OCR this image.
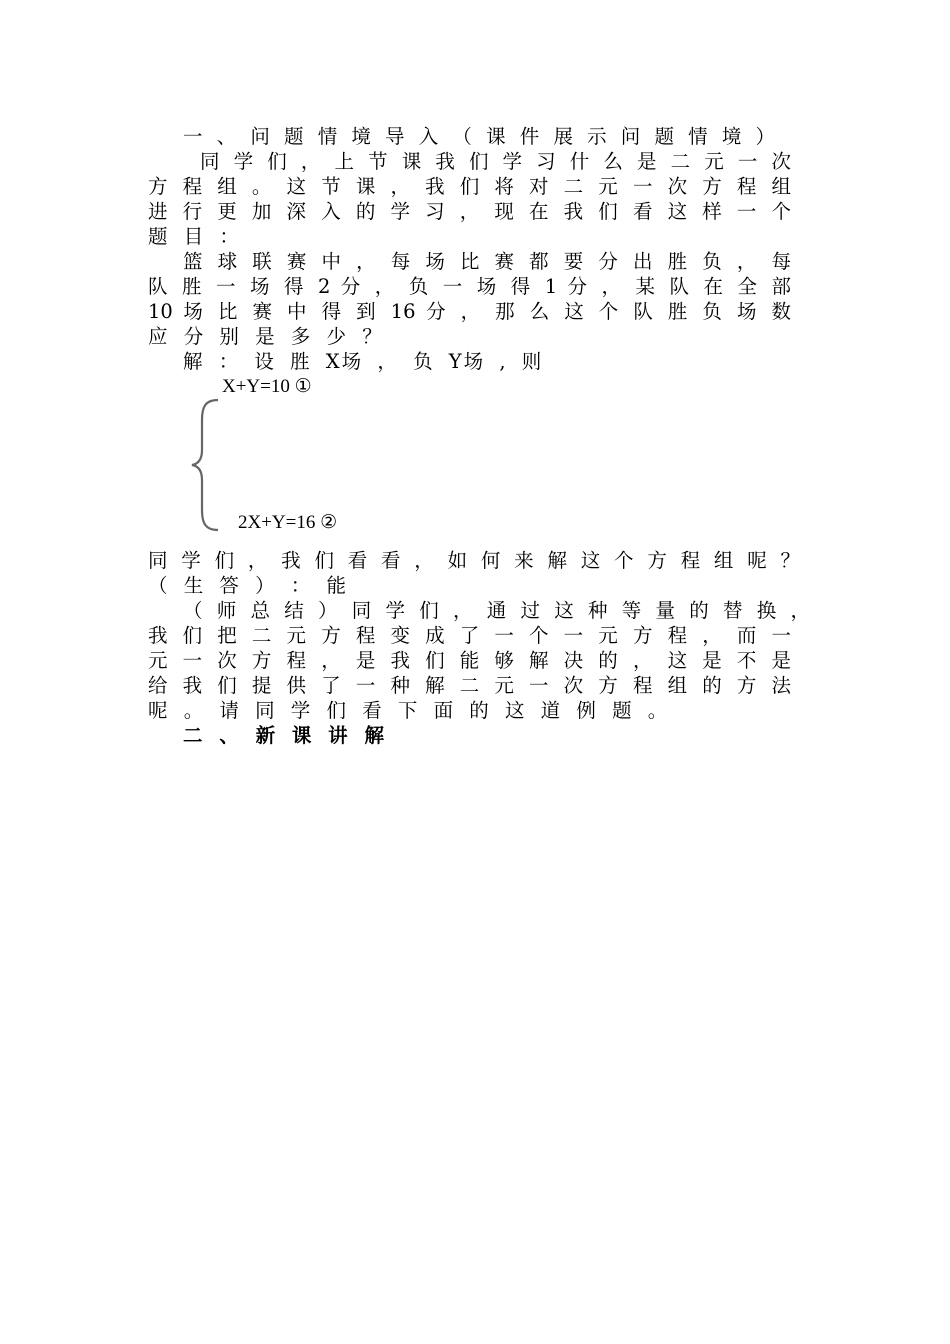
一 、 问 题 情 境 导 入 （ 课 件 展 示 问 题 情 境 ）
同 学 们 ， 上 节 课 我 们 学 习 什 么 是 二 元 一 次
方 程 组 。 这 节 课 ， 我 们 将 对 二 元 一 次 方 程 组
进 行 更 加 深 入 的 学 习 ， 现 在 我 们 看 这 样 一 个
题 目 ：
篮 球 联 赛 中 ， 每 场 比 赛 都 要 分 出 胜 负 ， 每
队 胜 一 场 得 2 分 ， 负 一 场 得 1 分 ， 某 队 在 全 部
10 场 比 赛 中 得 到 16 分 ， 那 么 这 个 队 胜 负 场 数
应 分 别 是 多 少 ？
解 ： 设 胜 X场 ， 负 Y场 , 则
X+Y=10 ①
2X+Y=16 ②
同 学 们 ， 我 们 看 看 ， 如 何 来 解 这 个 方 程 组 呢 ？
（ 生 答 ） ： 能
（ 师 总 结 ） 同 学 们 ， 通 过 这 种 等 量 的 替 换 ，
我 们 把 二 元 方 程 变 成 了 一 个 一 元 方 程 ， 而 一
元 一 次 方 程 ， 是 我 们 能 够 解 决 的 ， 这 是 不 是
给 我 们 提 供 了 一 种 解 二 元 一 次 方 程 组 的 方 法
呢 。 请 同 学 们 看 下 面 的 这 道 例 题 。
二 、 新 课 讲 解
